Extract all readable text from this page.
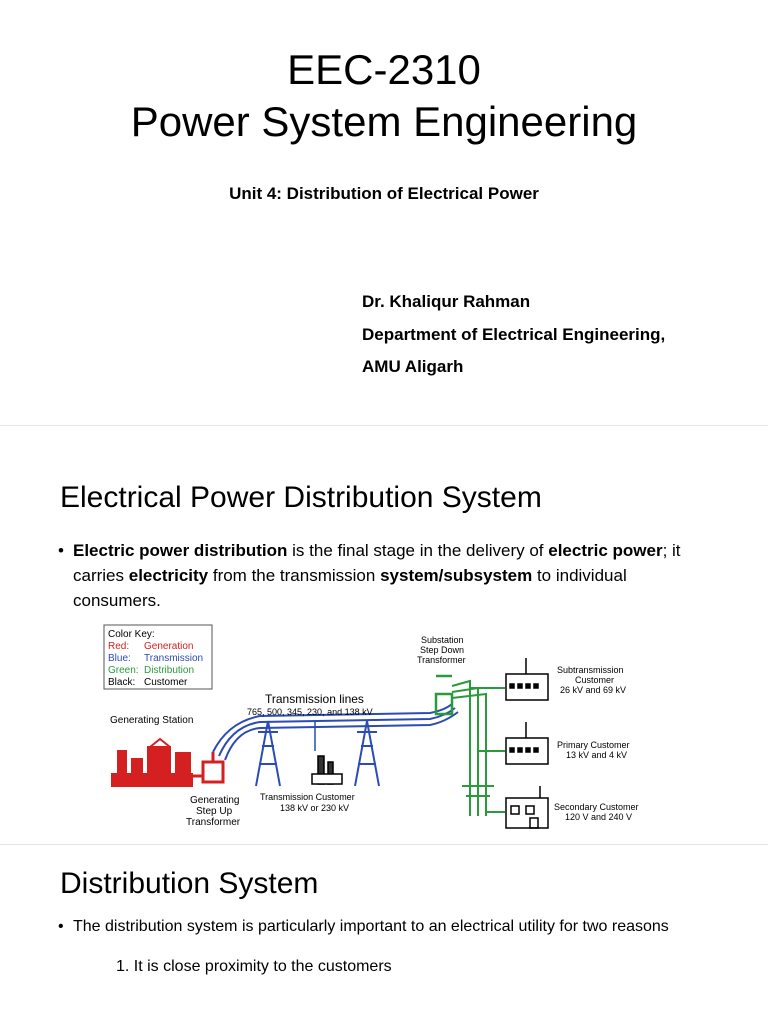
EEC-2310
Power System Engineering
Unit 4: Distribution of Electrical Power
Dr. Khaliqur Rahman
Department of Electrical Engineering,
AMU Aligarh
Electrical Power Distribution System
• Electric power distribution is the final stage in the delivery of electric power; it carries electricity from the transmission system/subsystem to individual consumers.
Color Key:
Red: Generation
Blue: Transmission
Green: Distribution
Black: Customer
Generating Station
Generating
Step Up
Transformer
Transmission lines
765, 500, 345, 230, and 138 kV
Transmission Customer
138 kV or 230 kV
Substation
Step Down
Transformer
Subtransmission
Customer
26 kV and 69 kV
Primary Customer
13 kV and 4 kV
Secondary Customer
120 V and 240 V
Distribution System
• The distribution system is particularly important to an electrical utility for two reasons
1. It is close proximity to the customers
